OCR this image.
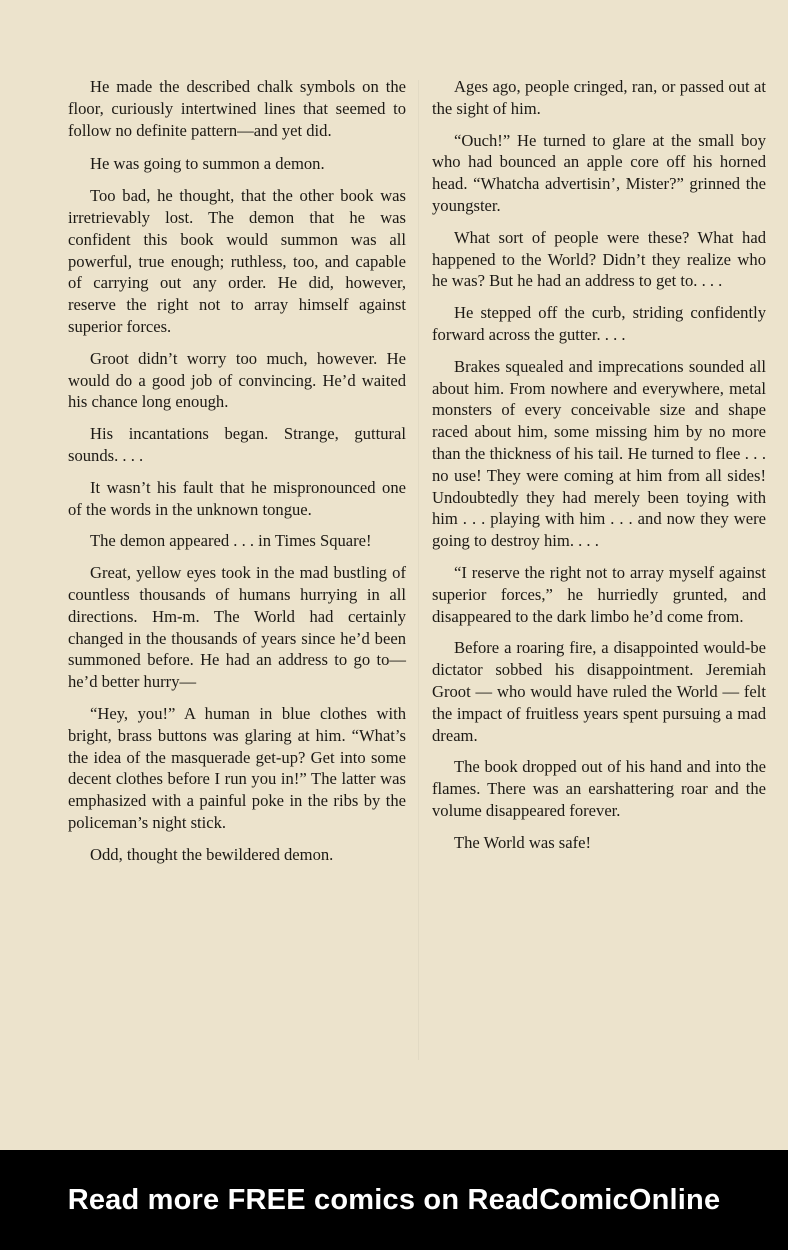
He made the described chalk symbols on the floor, curiously intertwined lines that seemed to follow no definite pattern—and yet did.

He was going to summon a demon.

Too bad, he thought, that the other book was irretrievably lost. The demon that he was confident this book would summon was all powerful, true enough; ruthless, too, and capable of carrying out any order. He did, however, reserve the right not to array himself against superior forces.

Groot didn’t worry too much, however. He would do a good job of convincing. He’d waited his chance long enough.

His incantations began. Strange, guttural sounds. . . .

It wasn’t his fault that he mispronounced one of the words in the unknown tongue.

The demon appeared . . . in Times Square!

Great, yellow eyes took in the mad bustling of countless thousands of humans hurrying in all directions. Hm-m. The World had certainly changed in the thousands of years since he’d been summoned before. He had an address to go to—he’d better hurry—

“Hey, you!” A human in blue clothes with bright, brass buttons was glaring at him. “What’s the idea of the masquerade get-up? Get into some decent clothes before I run you in!” The latter was emphasized with a painful poke in the ribs by the policeman’s night stick.

Odd, thought the bewildered demon.

Ages ago, people cringed, ran, or passed out at the sight of him.

“Ouch!” He turned to glare at the small boy who had bounced an apple core off his horned head. “Whatcha advertisin’, Mister?” grinned the youngster.

What sort of people were these? What had happened to the World? Didn’t they realize who he was? But he had an address to get to. . . .

He stepped off the curb, striding confidently forward across the gutter. . . .

Brakes squealed and imprecations sounded all about him. From nowhere and everywhere, metal monsters of every conceivable size and shape raced about him, some missing him by no more than the thickness of his tail. He turned to flee . . . no use! They were coming at him from all sides! Undoubtedly they had merely been toying with him . . . playing with him . . . and now they were going to destroy him. . . .

“I reserve the right not to array myself against superior forces,” he hurriedly grunted, and disappeared to the dark limbo he’d come from.

Before a roaring fire, a disappointed would-be dictator sobbed his disappointment. Jeremiah Groot — who would have ruled the World — felt the impact of fruitless years spent pursuing a mad dream.

The book dropped out of his hand and into the flames. There was an earshattering roar and the volume disappeared forever.

The World was safe!

Read more FREE comics on ReadComicOnline
